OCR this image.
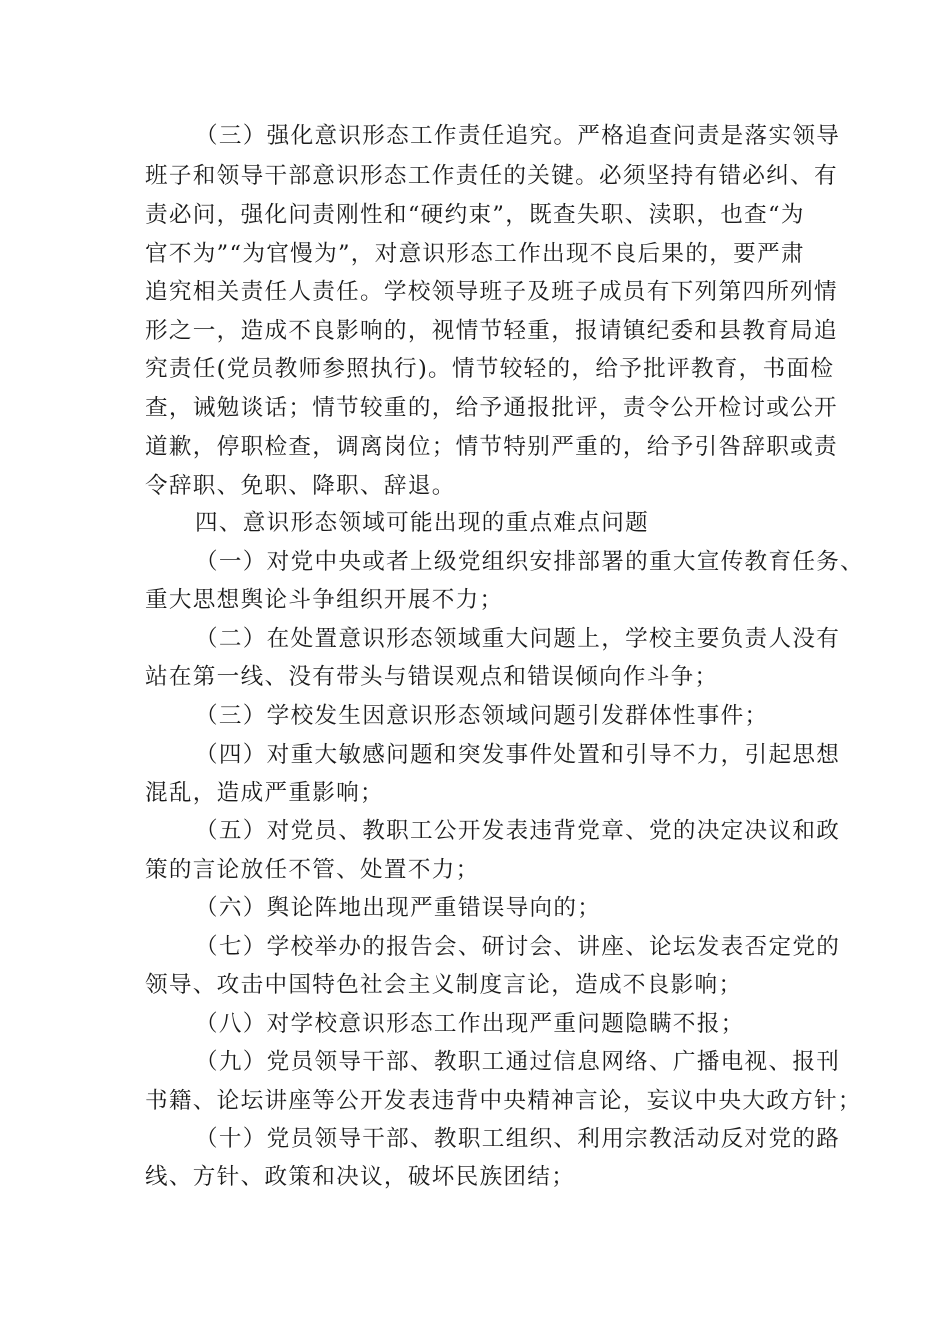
（三）强化意识形态工作责任追究。严格追查问责是落实领导
班子和领导干部意识形态工作责任的关键。必须坚持有错必纠、有
责必问，强化问责刚性和“硬约束”，既查失职、渎职，也查“为
官不为”“为官慢为”，对意识形态工作出现不良后果的，要严肃
追究相关责任人责任。学校领导班子及班子成员有下列第四所列情
形之一，造成不良影响的，视情节轻重，报请镇纪委和县教育局追
究责任(党员教师参照执行)。情节较轻的，给予批评教育，书面检
查，诫勉谈话；情节较重的，给予通报批评，责令公开检讨或公开
道歉，停职检查，调离岗位；情节特别严重的，给予引咎辞职或责
令辞职、免职、降职、辞退。
四、意识形态领域可能出现的重点难点问题
（一）对党中央或者上级党组织安排部署的重大宣传教育任务、
重大思想舆论斗争组织开展不力；
（二）在处置意识形态领域重大问题上，学校主要负责人没有
站在第一线、没有带头与错误观点和错误倾向作斗争；
（三）学校发生因意识形态领域问题引发群体性事件；
（四）对重大敏感问题和突发事件处置和引导不力，引起思想
混乱，造成严重影响；
（五）对党员、教职工公开发表违背党章、党的决定决议和政
策的言论放任不管、处置不力；
（六）舆论阵地出现严重错误导向的；
（七）学校举办的报告会、研讨会、讲座、论坛发表否定党的
领导、攻击中国特色社会主义制度言论，造成不良影响；
（八）对学校意识形态工作出现严重问题隐瞒不报；
（九）党员领导干部、教职工通过信息网络、广播电视、报刊
书籍、论坛讲座等公开发表违背中央精神言论，妄议中央大政方针；
（十）党员领导干部、教职工组织、利用宗教活动反对党的路
线、方针、政策和决议，破坏民族团结；
